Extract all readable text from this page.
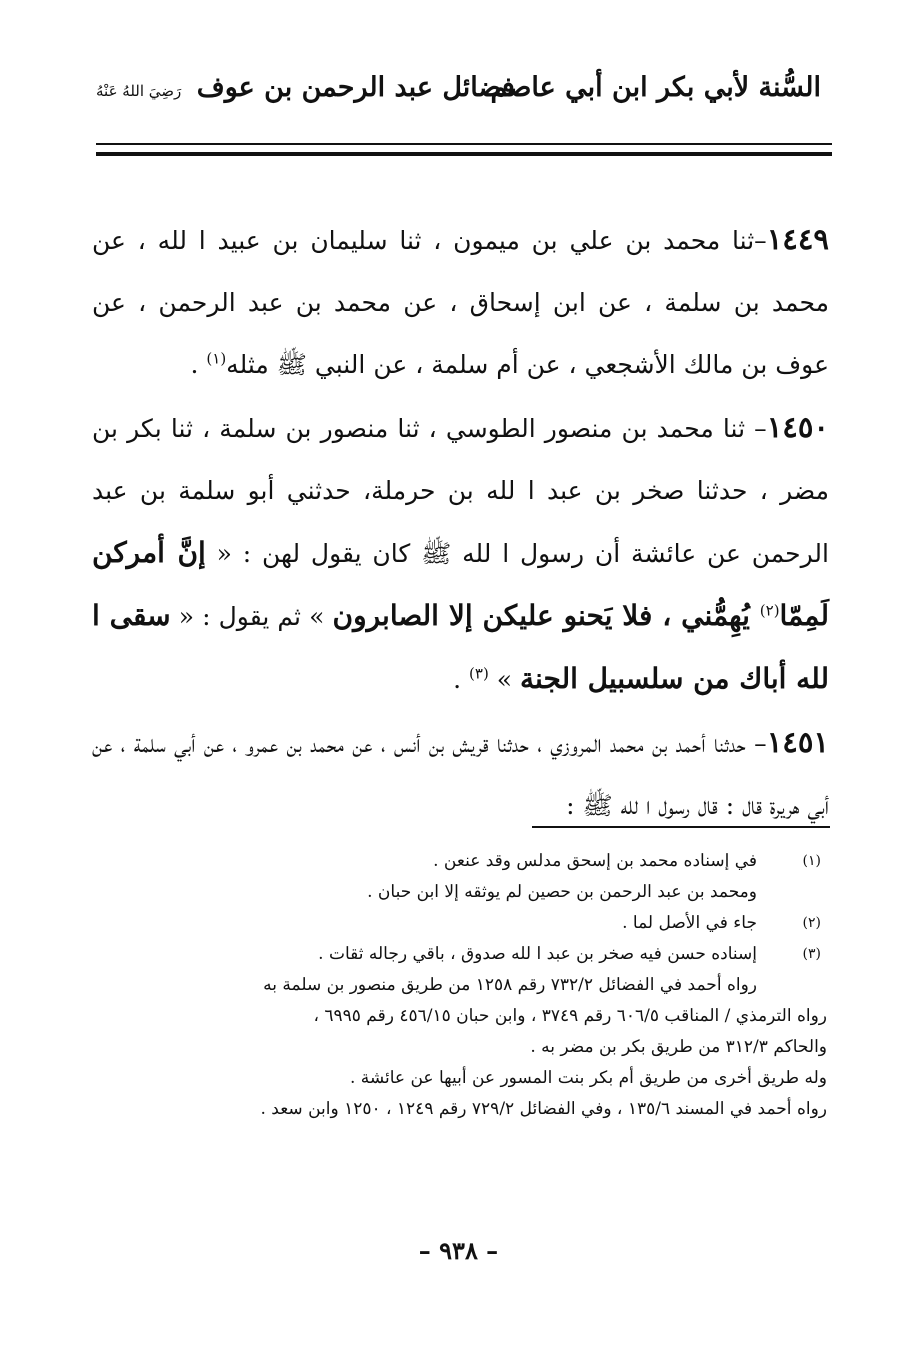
السُّنة لأبي بكر ابن أبي عاصم
فضائل عبد الرحمن بن عوف رَضِيَ اللهُ عَنْهُ

١٤٤٩–ثنا محمد بن علي بن ميمون ، ثنا سليمان بن عبيد ا لله ، عن محمد بن سلمة ، عن ابن إسحاق ، عن محمد بن عبد الرحمن ، عن عوف بن مالك الأشجعي ، عن أم سلمة ، عن النبي ﷺ مثله$^{(١)}$ .

١٤٥٠– ثنا محمد بن منصور الطوسي ، ثنا منصور بن سلمة ، ثنا بكر بن مضر ، حدثنا صخر بن عبد ا لله بن حرملة، حدثني أبو سلمة بن عبد الرحمن عن عائشة أن رسول ا لله ﷺ كان يقول لهن : « إنَّ أمركن لَمِمّا$^{(٢)}$ يُهِمُّني ، فلا يَحنو عليكن إلا الصابرون » ثم يقول : « سقى ا لله أباك من سلسبيل الجنة » $^{(٣)}$ .

١٤٥١– حدثنا أحمد بن محمد المروزي ، حدثنا قريش بن أنس ، عن محمد بن عمرو ، عن أبي سلمة ، عن أبي هريرة قال : قال رسول ا لله ﷺ :

(١)
في إسناده محمد بن إسحق مدلس وقد عنعن .
ومحمد بن عبد الرحمن بن حصين لم يوثقه إلا ابن حبان .
(٢)
جاء في الأصل لما .
(٣)
إسناده حسن فيه صخر بن عبد ا لله صدوق ، باقي رجاله ثقات .
رواه أحمد في الفضائل ٧٣٢/٢ رقم ١٢٥٨ من طريق منصور بن سلمة به
رواه الترمذي / المناقب ٦٠٦/٥ رقم ٣٧٤٩ ، وابن حبان ٤٥٦/١٥ رقم ٦٩٩٥ ،
والحاكم ٣١٢/٣ من طريق بكر بن مضر به .
وله طريق أخرى من طريق أم بكر بنت المسور عن أبيها عن عائشة .
رواه أحمد في المسند ١٣٥/٦ ، وفي الفضائل ٧٢٩/٢ رقم ١٢٤٩ ، ١٢٥٠ وابن سعد .
– ٩٣٨ –
